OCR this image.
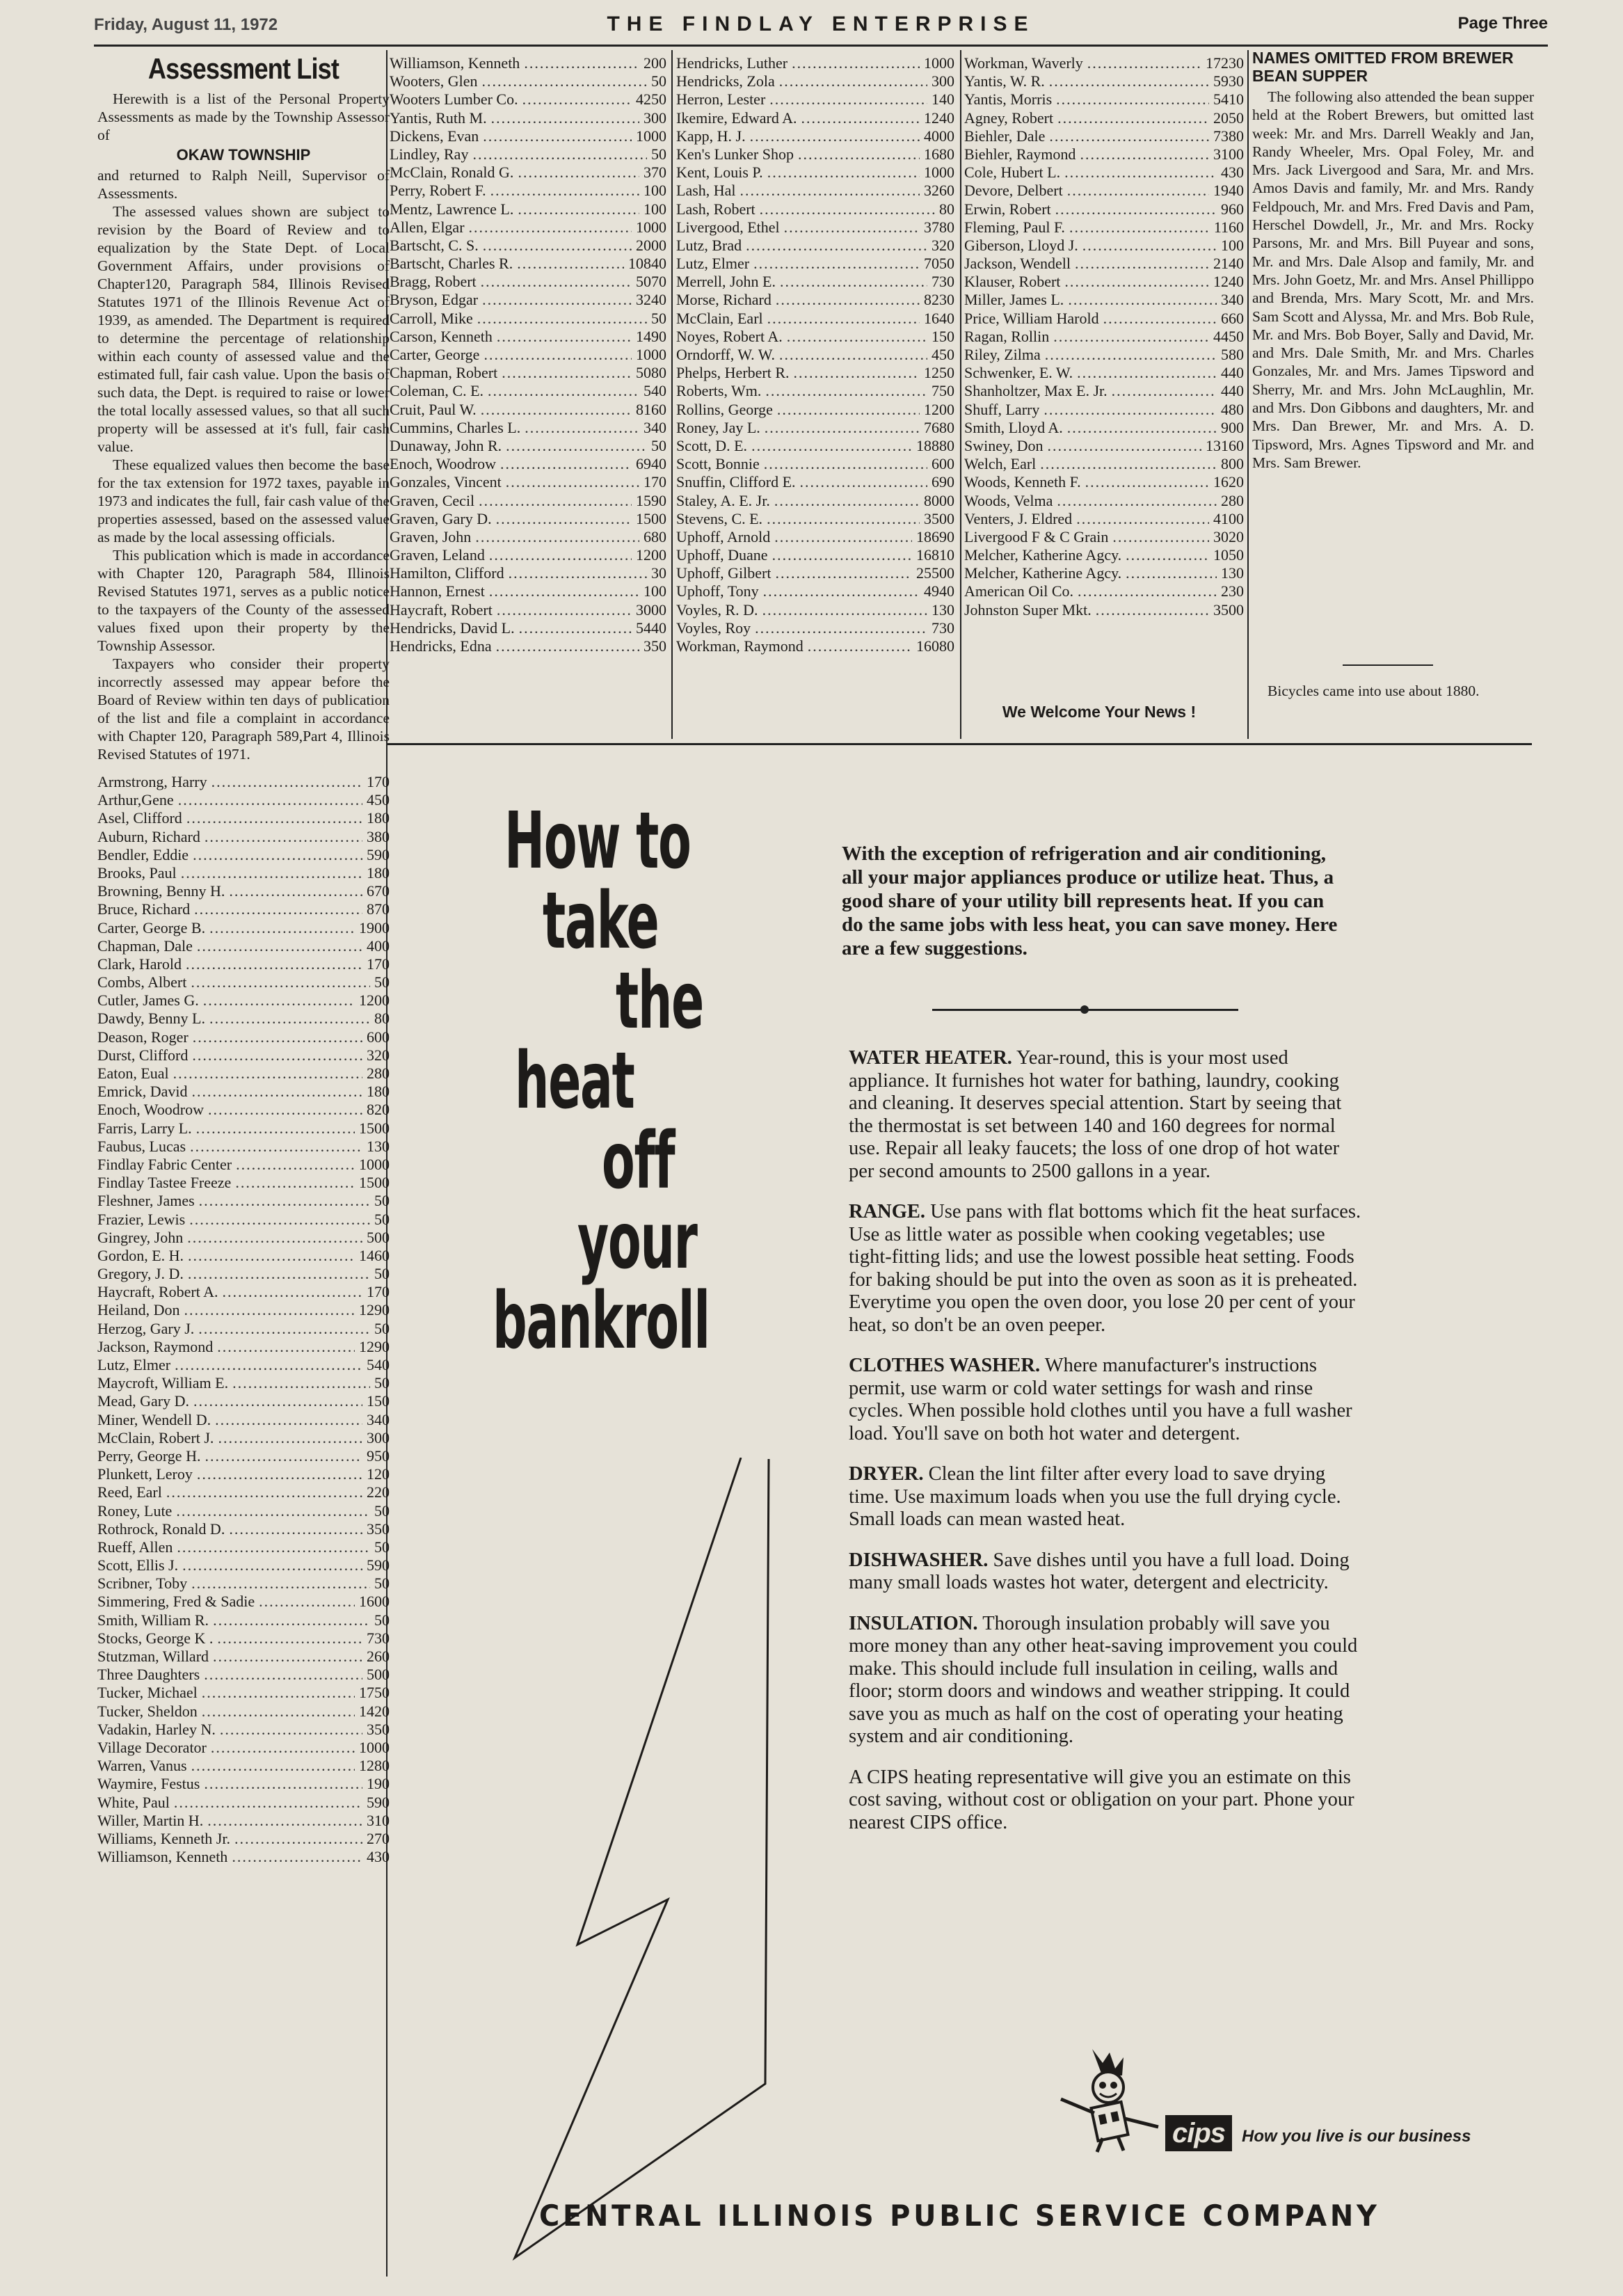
Friday, August 11, 1972	THE FINDLAY ENTERPRISE	Page Three
Assessment List

Herewith is a list of the Personal Property Assessments as made by the Township Assessor of

OKAW TOWNSHIP

and returned to Ralph Neill, Supervisor of Assessments.

The assessed values shown are subject to revision by the Board of Review and to equalization by the State Dept. of Local Government Affairs, under provisions of Chapter120, Paragraph 584, Illinois Revised Statutes 1971 of the Illinois Revenue Act of 1939, as amended. The Department is required to determine the percentage of relationship within each county of assessed value and the estimated full, fair cash value. Upon the basis of such data, the Dept. is required to raise or lower the total locally assessed values, so that all such property will be assessed at it's full, fair cash value.

These equalized values then become the base for the tax extension for 1972 taxes, payable in 1973 and indicates the full, fair cash value of the properties assessed, based on the assessed value as made by the local assessing officials.

This publication which is made in accordance with Chapter 120, Paragraph 584, Illinois Revised Statutes 1971, serves as a public notice to the taxpayers of the County of the assessed values fixed upon their property by the Township Assessor.

Taxpayers who consider their property incorrectly assessed may appear before the Board of Review within ten days of publication of the list and file a complaint in accordance with Chapter 120, Paragraph 589,Part 4, Illinois Revised Statutes of 1971.

Armstrong, Harry .....	170
Arthur,Gene .....	450
Asel, Clifford .....	180
Auburn, Richard .....	380
Bendler, Eddie .....	590
Brooks, Paul .....	180
Browning, Benny H. .....	670
Bruce, Richard .....	870
Carter, George B. .....	1900
Chapman, Dale .....	400
Clark, Harold .....	170
Combs, Albert .....	50
Cutler, James G. .....	1200
Dawdy, Benny L. .....	80
Deason, Roger .....	600
Durst, Clifford .....	320
Eaton, Eual .....	280
Emrick, David .....	180
Enoch, Woodrow .....	820
Farris, Larry L. .....	1500
Faubus, Lucas .....	130
Findlay Fabric Center .....	1000
Findlay Tastee Freeze .....	1500
Fleshner, James .....	50
Frazier, Lewis .....	50
Gingrey, John .....	500
Gordon, E. H. .....	1460
Gregory, J. D. .....	50
Haycraft, Robert A. .....	170
Heiland, Don .....	1290
Herzog, Gary J. .....	50
Jackson, Raymond .....	1290
Lutz, Elmer .....	540
Maycroft, William E. .....	50
Mead, Gary D. .....	150
Miner, Wendell D. .....	340
McClain, Robert J. .....	300
Perry, George H. .....	950
Plunkett, Leroy .....	120
Reed, Earl .....	220
Roney, Lute .....	50
Rothrock, Ronald D. .....	350
Rueff, Allen .....	50
Scott, Ellis J. .....	590
Scribner, Toby .....	50
Simmering, Fred & Sadie .....	1600
Smith, William R. .....	50
Stocks, George K . .....	730
Stutzman, Willard .....	260
Three Daughters .....	500
Tucker, Michael .....	1750
Tucker, Sheldon .....	1420
Vadakin, Harley N. .....	350
Village Decorator .....	1000
Warren, Vanus .....	1280
Waymire, Festus .....	190
White, Paul .....	590
Willer, Martin H. .....	310
Williams, Kenneth Jr. .....	270
Williamson, Kenneth .....	430
Williamson, Kenneth .....	200
Wooters, Glen .....	50
Wooters Lumber Co. .....	4250
Yantis, Ruth M. .....	300
Dickens, Evan .....	1000
Lindley, Ray .....	50
McClain, Ronald G. .....	370
Perry, Robert F. .....	100
Mentz, Lawrence L. .....	100
Allen, Elgar .....	1000
Bartscht, C. S. .....	2000
Bartscht, Charles R. .....	10840
Bragg, Robert .....	5070
Bryson, Edgar .....	3240
Carroll, Mike .....	50
Carson, Kenneth .....	1490
Carter, George .....	1000
Chapman, Robert .....	5080
Coleman, C. E. .....	540
Cruit, Paul W. .....	8160
Cummins, Charles L. .....	340
Dunaway, John R. .....	50
Enoch, Woodrow .....	6940
Gonzales, Vincent .....	170
Graven, Cecil .....	1590
Graven, Gary D. .....	1500
Graven, John .....	680
Graven, Leland .....	1200
Hamilton, Clifford .....	30
Hannon, Ernest .....	100
Haycraft, Robert .....	3000
Hendricks, David L. .....	5440
Hendricks, Edna .....	350
Hendricks, Luther .....	1000
Hendricks, Zola .....	300
Herron, Lester .....	140
Ikemire, Edward A. .....	1240
Kapp, H. J. .....	4000
Ken's Lunker Shop .....	1680
Kent, Louis P. .....	1000
Lash, Hal .....	3260
Lash, Robert .....	80
Livergood, Ethel .....	3780
Lutz, Brad .....	320
Lutz, Elmer .....	7050
Merrell, John E. .....	730
Morse, Richard .....	8230
McClain, Earl .....	1640
Noyes, Robert A. .....	150
Orndorff, W. W. .....	450
Phelps, Herbert R. .....	1250
Roberts, Wm. .....	750
Rollins, George .....	1200
Roney, Jay L. .....	7680
Scott, D. E. .....	18880
Scott, Bonnie .....	600
Snuffin, Clifford E. .....	690
Staley, A. E. Jr. .....	8000
Stevens, C. E. .....	3500
Uphoff, Arnold .....	18690
Uphoff, Duane .....	16810
Uphoff, Gilbert .....	25500
Uphoff, Tony .....	4940
Voyles, R. D. .....	130
Voyles, Roy .....	730
Workman, Raymond .....	16080
Workman, Waverly .....	17230
Yantis, W. R. .....	5930
Yantis, Morris .....	5410
Agney, Robert .....	2050
Biehler, Dale .....	7380
Biehler, Raymond .....	3100
Cole, Hubert L. .....	430
Devore, Delbert .....	1940
Erwin, Robert .....	960
Fleming, Paul F. .....	1160
Giberson, Lloyd J. .....	100
Jackson, Wendell .....	2140
Klauser, Robert .....	1240
Miller, James L. .....	340
Price, William Harold .....	660
Ragan, Rollin .....	4450
Riley, Zilma .....	580
Schwenker, E. W. .....	440
Shanholtzer, Max E. Jr. .....	440
Shuff, Larry .....	480
Smith, Lloyd A. .....	900
Swiney, Don .....	13160
Welch, Earl .....	800
Woods, Kenneth F. .....	1620
Woods, Velma .....	280
Venters, J. Eldred .....	4100
Livergood F & C Grain .....	3020
Melcher, Katherine Agcy. .....	1050
Melcher, Katherine Agcy. .....	130
American Oil Co. .....	230
Johnston Super Mkt. .....	3500
We Welcome Your News !
NAMES OMITTED FROM BREWER BEAN SUPPER

The following also attended the bean supper held at the Robert Brewers, but omitted last week: Mr. and Mrs. Darrell Weakly and Jan, Randy Wheeler, Mrs. Opal Foley, Mr. and Mrs. Jack Livergood and Sara, Mr. and Mrs. Amos Davis and family, Mr. and Mrs. Randy Feldpouch, Mr. and Mrs. Fred Davis and Pam, Herschel Dowdell, Jr., Mr. and Mrs. Rocky Parsons, Mr. and Mrs. Bill Puyear and sons, Mr. and Mrs. Dale Alsop and family, Mr. and Mrs. John Goetz, Mr. and Mrs. Ansel Phillippo and Brenda, Mrs. Mary Scott, Mr. and Mrs. Sam Scott and Alyssa, Mr. and Mrs. Bob Rule, Mr. and Mrs. Bob Boyer, Sally and David, Mr. and Mrs. Dale Smith, Mr. and Mrs. Charles Gonzales, Mr. and Mrs. James Tipsword and Sherry, Mr. and Mrs. John McLaughlin, Mr. and Mrs. Don Gibbons and daughters, Mr. and Mrs. Dan Brewer, Mr. and Mrs. A. D. Tipsword, Mrs. Agnes Tipsword and Mr. and Mrs. Sam Brewer.

Bicycles came into use about 1880.

How to
take
the
heat
off
your
bankroll

With the exception of refrigeration and air conditioning, all your major appliances produce or utilize heat. Thus, a good share of your utility bill represents heat. If you can do the same jobs with less heat, you can save money. Here are a few suggestions.

WATER HEATER. Year-round, this is your most used appliance. It furnishes hot water for bathing, laundry, cooking and cleaning. It deserves special attention. Start by seeing that the thermostat is set between 140 and 160 degrees for normal use. Repair all leaky faucets; the loss of one drop of hot water per second amounts to 2500 gallons in a year.

RANGE. Use pans with flat bottoms which fit the heat surfaces. Use as little water as possible when cooking vegetables; use tight-fitting lids; and use the lowest possible heat setting. Foods for baking should be put into the oven as soon as it is preheated. Everytime you open the oven door, you lose 20 per cent of your heat, so don't be an oven peeper.

CLOTHES WASHER. Where manufacturer's instructions permit, use warm or cold water settings for wash and rinse cycles. When possible hold clothes until you have a full washer load. You'll save on both hot water and detergent.

DRYER. Clean the lint filter after every load to save drying time. Use maximum loads when you use the full drying cycle. Small loads can mean wasted heat.

DISHWASHER. Save dishes until you have a full load. Doing many small loads wastes hot water, detergent and electricity.

INSULATION. Thorough insulation probably will save you more money than any other heat-saving improvement you could make. This should include full insulation in ceiling, walls and floor; storm doors and windows and weather stripping. It could save you as much as half on the cost of operating your heating system and air conditioning.

A CIPS heating representative will give you an estimate on this cost saving, without cost or obligation on your part. Phone your nearest CIPS office.

cips How you live is our business
CENTRAL ILLINOIS PUBLIC SERVICE COMPANY
